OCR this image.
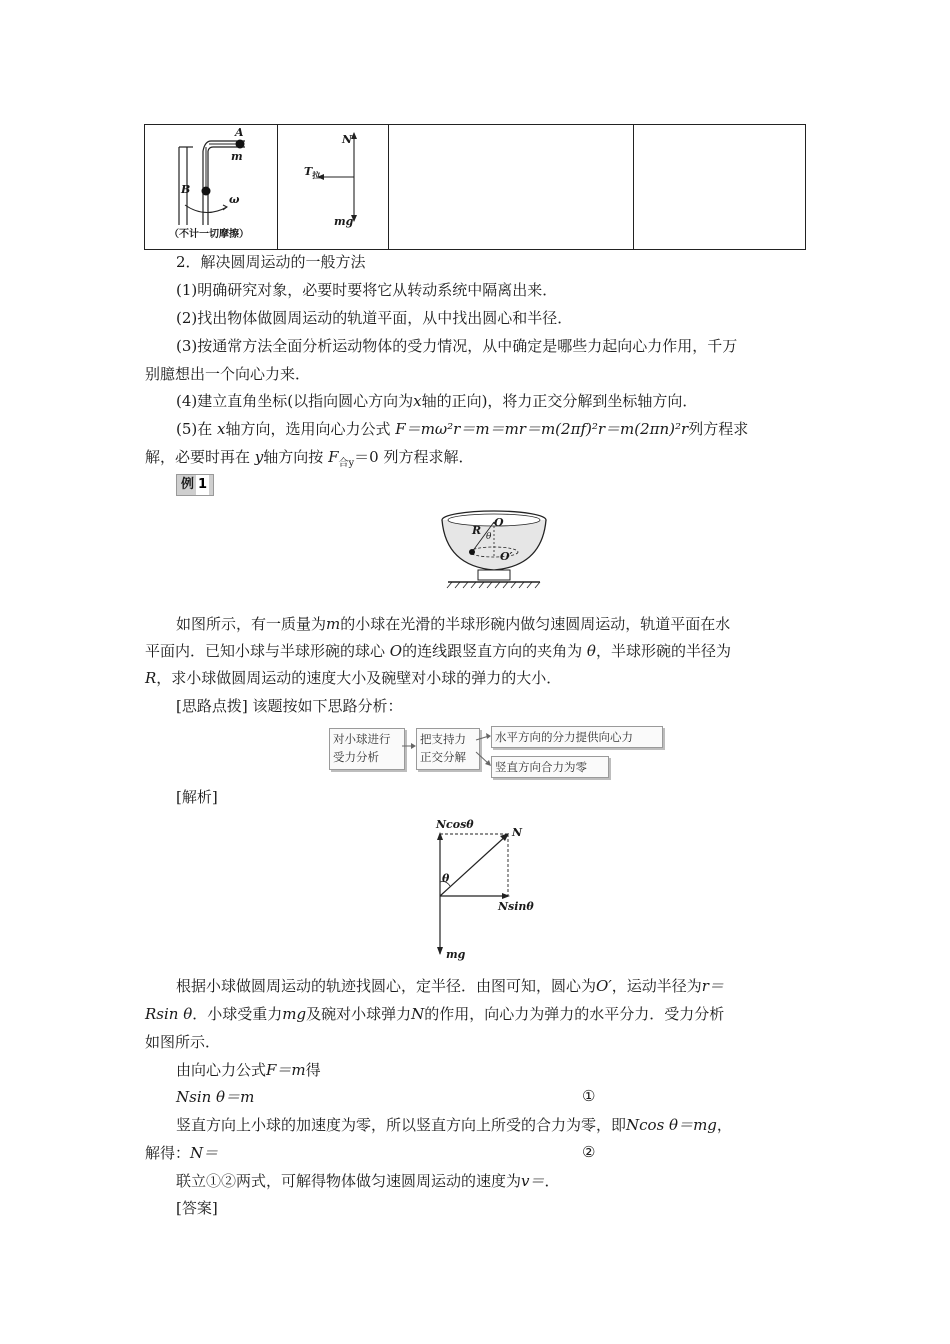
A
m
B
ω
（不计一切摩擦）

N
$T_拉$
mg

2．解决圆周运动的一般方法
(1)明确研究对象，必要时要将它从转动系统中隔离出来．
(2)找出物体做圆周运动的轨道平面，从中找出圆心和半径．
(3)按通常方法全面分析运动物体的受力情况，从中确定是哪些力起向心力作用，千万
别臆想出一个向心力来．
(4)建立直角坐标(以指向圆心方向为x轴的正向)，将力正交分解到坐标轴方向．
(5)在 x轴方向，选用向心力公式 F＝mω²r＝m＝mr＝m(2πf)²r＝m(2πn)²r列方程求
解，必要时再在 y轴方向按 $F_{合y}=0$ 列方程求解．
例 1
R
O
θ
O′
如图所示，有一质量为m的小球在光滑的半球形碗内做匀速圆周运动，轨道平面在水
平面内．已知小球与半球形碗的球心 O的连线跟竖直方向的夹角为 θ，半球形碗的半径为
R，求小球做圆周运动的速度大小及碗壁对小球的弹力的大小．
[思路点拨] 该题按如下思路分析：
对小球进行
受力分析
把支持力
正交分解
水平方向的分力提供向心力
竖直方向合力为零
[解析]
Ncosθ
N
θ
Nsinθ
mg
根据小球做圆周运动的轨迹找圆心，定半径．由图可知，圆心为O′，运动半径为r＝
Rsin θ．小球受重力mg及碗对小球弹力N的作用，向心力为弹力的水平分力．受力分析
如图所示．
由向心力公式F＝m得
Nsin θ＝m	①
竖直方向上小球的加速度为零，所以竖直方向上所受的合力为零，即Ncos θ＝mg，
解得：N＝	②
联立①②两式，可解得物体做匀速圆周运动的速度为v＝．
[答案]
